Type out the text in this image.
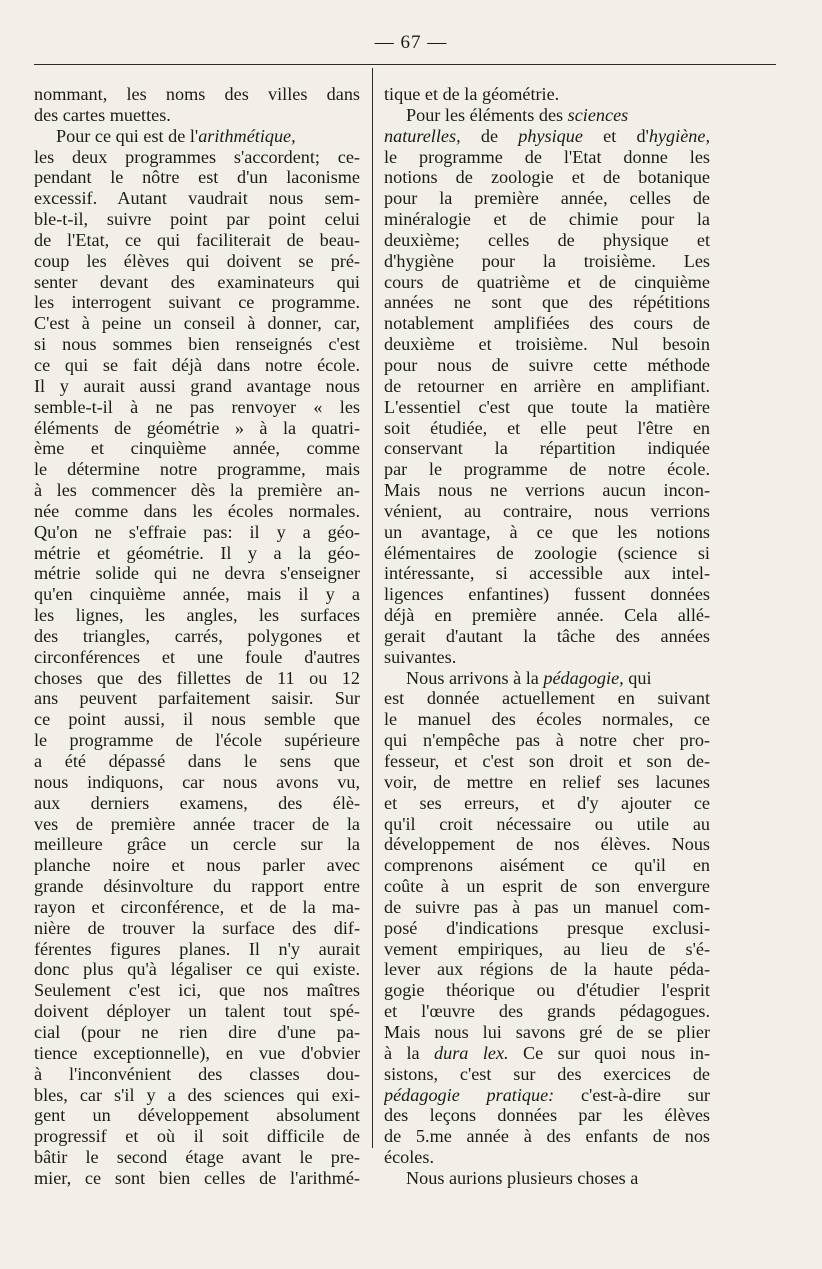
— 67 —
nommant, les noms des villes dans
des cartes muettes.
Pour ce qui est de l'arithmétique,
les deux programmes s'accordent; ce-
pendant le nôtre est d'un laconisme
excessif. Autant vaudrait nous sem-
ble-t-il, suivre point par point celui
de l'Etat, ce qui faciliterait de beau-
coup les élèves qui doivent se pré-
senter devant des examinateurs qui
les interrogent suivant ce programme.
C'est à peine un conseil à donner, car,
si nous sommes bien renseignés c'est
ce qui se fait déjà dans notre école.
Il y aurait aussi grand avantage nous
semble-t-il à ne pas renvoyer « les
éléments de géométrie » à la quatri-
ème et cinquième année, comme
le détermine notre programme, mais
à les commencer dès la première an-
née comme dans les écoles normales.
Qu'on ne s'effraie pas: il y a géo-
métrie et géométrie. Il y a la géo-
métrie solide qui ne devra s'enseigner
qu'en cinquième année, mais il y a
les lignes, les angles, les surfaces
des triangles, carrés, polygones et
circonférences et une foule d'autres
choses que des fillettes de 11 ou 12
ans peuvent parfaitement saisir. Sur
ce point aussi, il nous semble que
le programme de l'école supérieure
a été dépassé dans le sens que
nous indiquons, car nous avons vu,
aux derniers examens, des élè-
ves de première année tracer de la
meilleure grâce un cercle sur la
planche noire et nous parler avec
grande désinvolture du rapport entre
rayon et circonférence, et de la ma-
nière de trouver la surface des dif-
férentes figures planes. Il n'y aurait
donc plus qu'à légaliser ce qui existe.
Seulement c'est ici, que nos maîtres
doivent déployer un talent tout spé-
cial (pour ne rien dire d'une pa-
tience exceptionnelle), en vue d'obvier
à l'inconvénient des classes dou-
bles, car s'il y a des sciences qui exi-
gent un développement absolument
progressif et où il soit difficile de
bâtir le second étage avant le pre-
mier, ce sont bien celles de l'arithmé-
tique et de la géométrie.
Pour les éléments des sciences
naturelles, de physique et d'hygiène,
le programme de l'Etat donne les
notions de zoologie et de botanique
pour la première année, celles de
minéralogie et de chimie pour la
deuxième; celles de physique et
d'hygiène pour la troisième. Les
cours de quatrième et de cinquième
années ne sont que des répétitions
notablement amplifiées des cours de
deuxième et troisième. Nul besoin
pour nous de suivre cette méthode
de retourner en arrière en amplifiant.
L'essentiel c'est que toute la matière
soit étudiée, et elle peut l'être en
conservant la répartition indiquée
par le programme de notre école.
Mais nous ne verrions aucun incon-
vénient, au contraire, nous verrions
un avantage, à ce que les notions
élémentaires de zoologie (science si
intéressante, si accessible aux intel-
ligences enfantines) fussent données
déjà en première année. Cela allé-
gerait d'autant la tâche des années
suivantes.
Nous arrivons à la pédagogie, qui
est donnée actuellement en suivant
le manuel des écoles normales, ce
qui n'empêche pas à notre cher pro-
fesseur, et c'est son droit et son de-
voir, de mettre en relief ses lacunes
et ses erreurs, et d'y ajouter ce
qu'il croit nécessaire ou utile au
développement de nos élèves. Nous
comprenons aisément ce qu'il en
coûte à un esprit de son envergure
de suivre pas à pas un manuel com-
posé d'indications presque exclusi-
vement empiriques, au lieu de s'é-
lever aux régions de la haute péda-
gogie théorique ou d'étudier l'esprit
et l'œuvre des grands pédagogues.
Mais nous lui savons gré de se plier
à la dura lex. Ce sur quoi nous in-
sistons, c'est sur des exercices de
pédagogie pratique: c'est-à-dire sur
des leçons données par les élèves
de 5.me année à des enfants de nos
écoles.
Nous aurions plusieurs choses a
